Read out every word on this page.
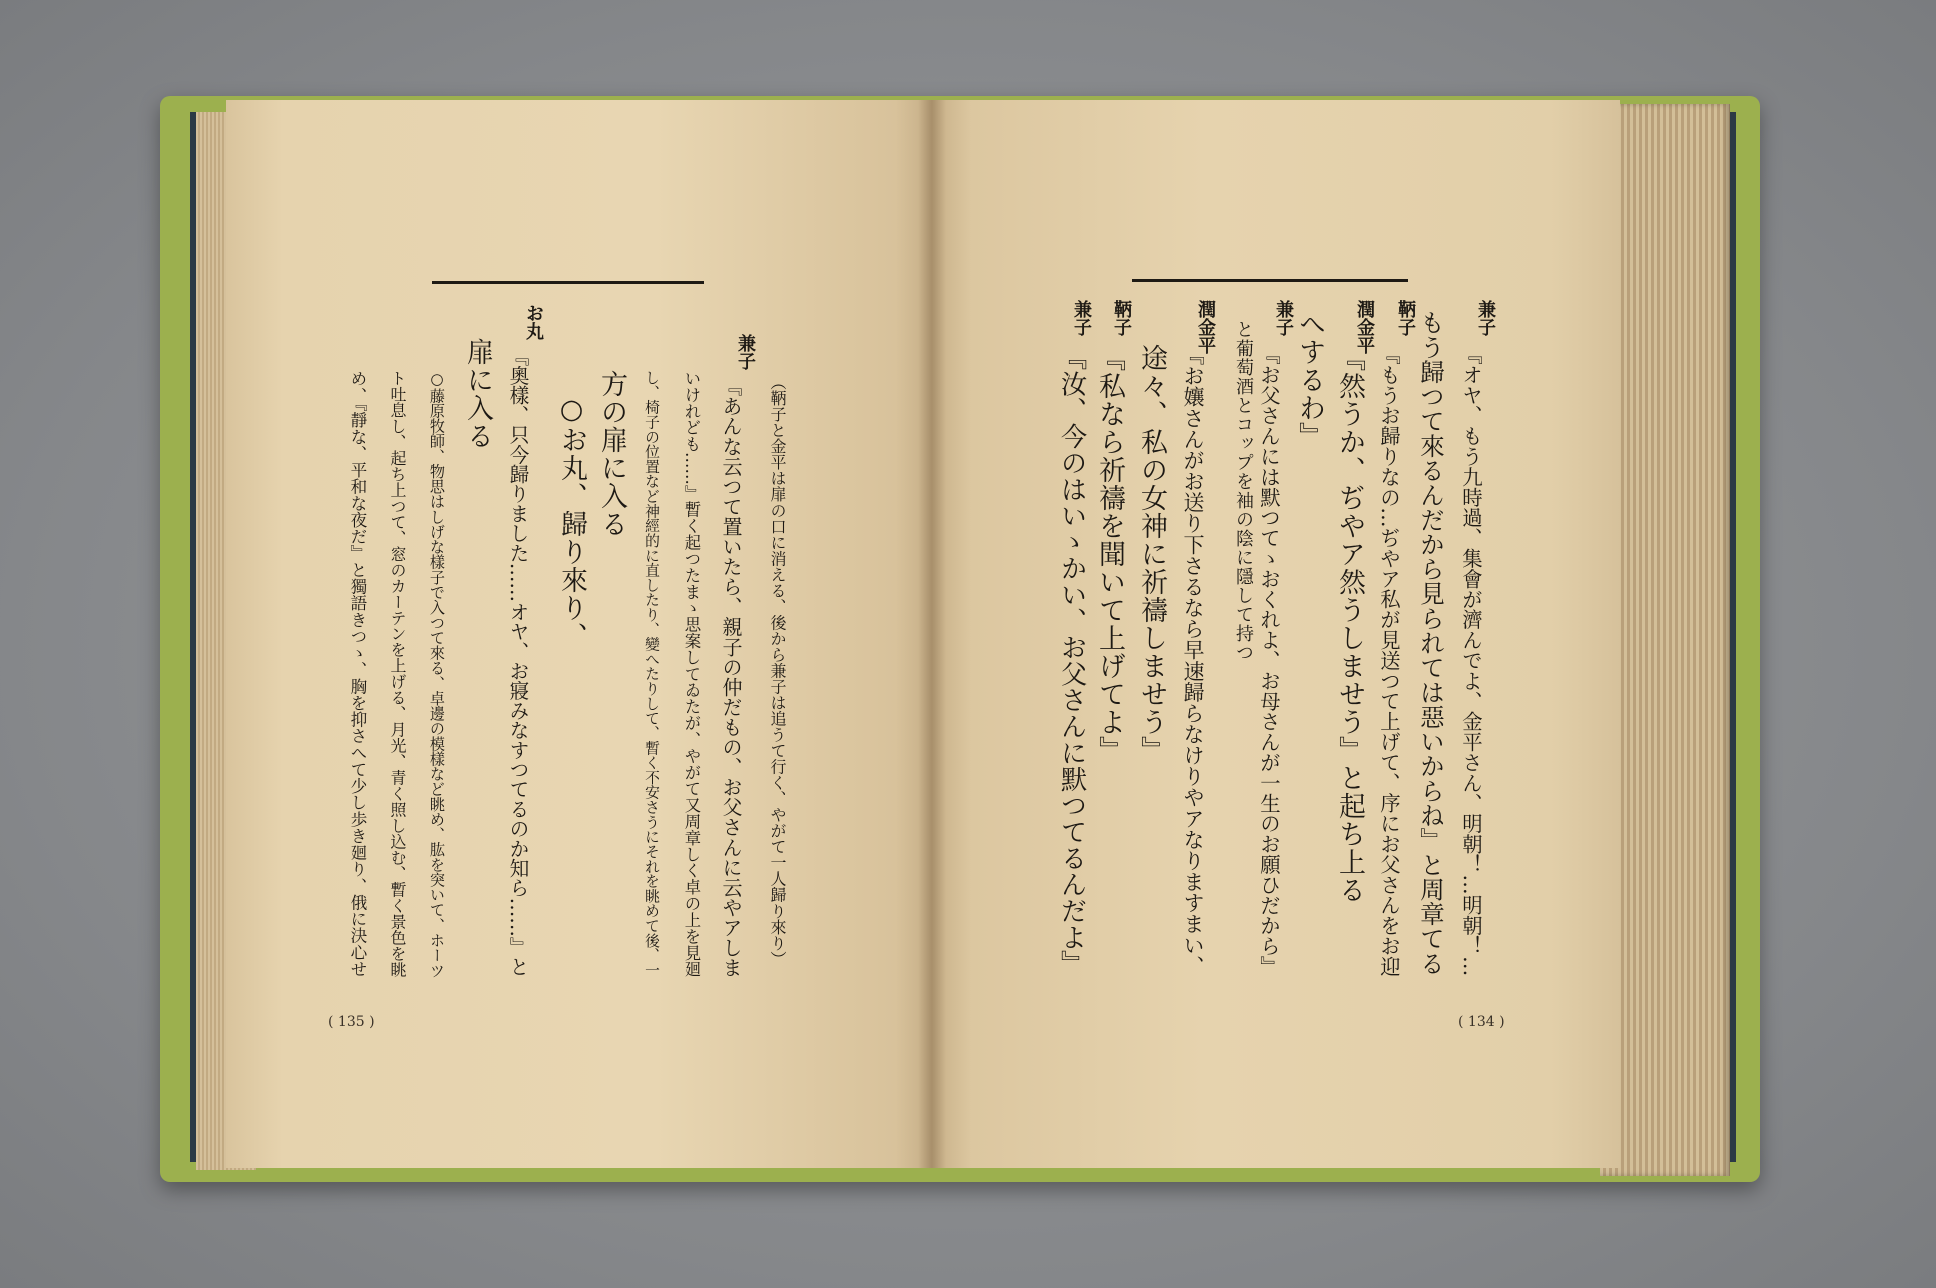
兼子
『オヤ、もう九時過、集會が濟んでよ、金平さん、明朝！…明朝！…
もう歸つて來るんだから見られては惡いからね』と周章てる
鞆子
『もうお歸りなの…ぢやア私が見送つて上げて、序にお父さんをお迎
潤金平
『然うか、ぢやア然うしませう』と起ち上る
兼子
『お父さんには默つてゝおくれよ、お母さんが一生のお願ひだから』 へするわ』
と葡萄酒とコップを袖の陰に隱して持つ
潤金平
『お孃さんがお送り下さるなら早速歸らなけりやアなりますまい、
鞆子
途々、私の女神に祈禱しませう』
『私なら祈禱を聞いて上げてよ』
兼子
『汝、今のはいゝかい、お父さんに默つてるんだよ』
( 134 )
（鞆子と金平は扉の口に消える、後から兼子は追うて行く、やがて一人歸り來り）
兼子
『あんな云つて置いたら、親子の仲だもの、お父さんに云やアしま
いけれども……』暫く起つたまゝ思案してゐたが、やがて又周章しく卓の上を見廻
し、椅子の位置など神經的に直したり、變へたりして、暫く不安さうにそれを眺めて後、一
方の扉に入る
○お丸、歸り來り、
お丸
『奧樣、只今歸りました……オヤ、お寢みなすつてるのか知ら……』と
扉に入る
○藤原牧師、物思はしげな樣子で入つて來る、卓邊の模樣など眺め、肱を突いて、ホーツ
ト吐息し、起ち上つて、窓のカーテンを上げる、月光、青く照し込む、暫く景色を眺
め、『靜な、平和な夜だ』と獨語きつゝ、胸を抑さへて少し歩き廻り、俄に決心せ
( 135 )
